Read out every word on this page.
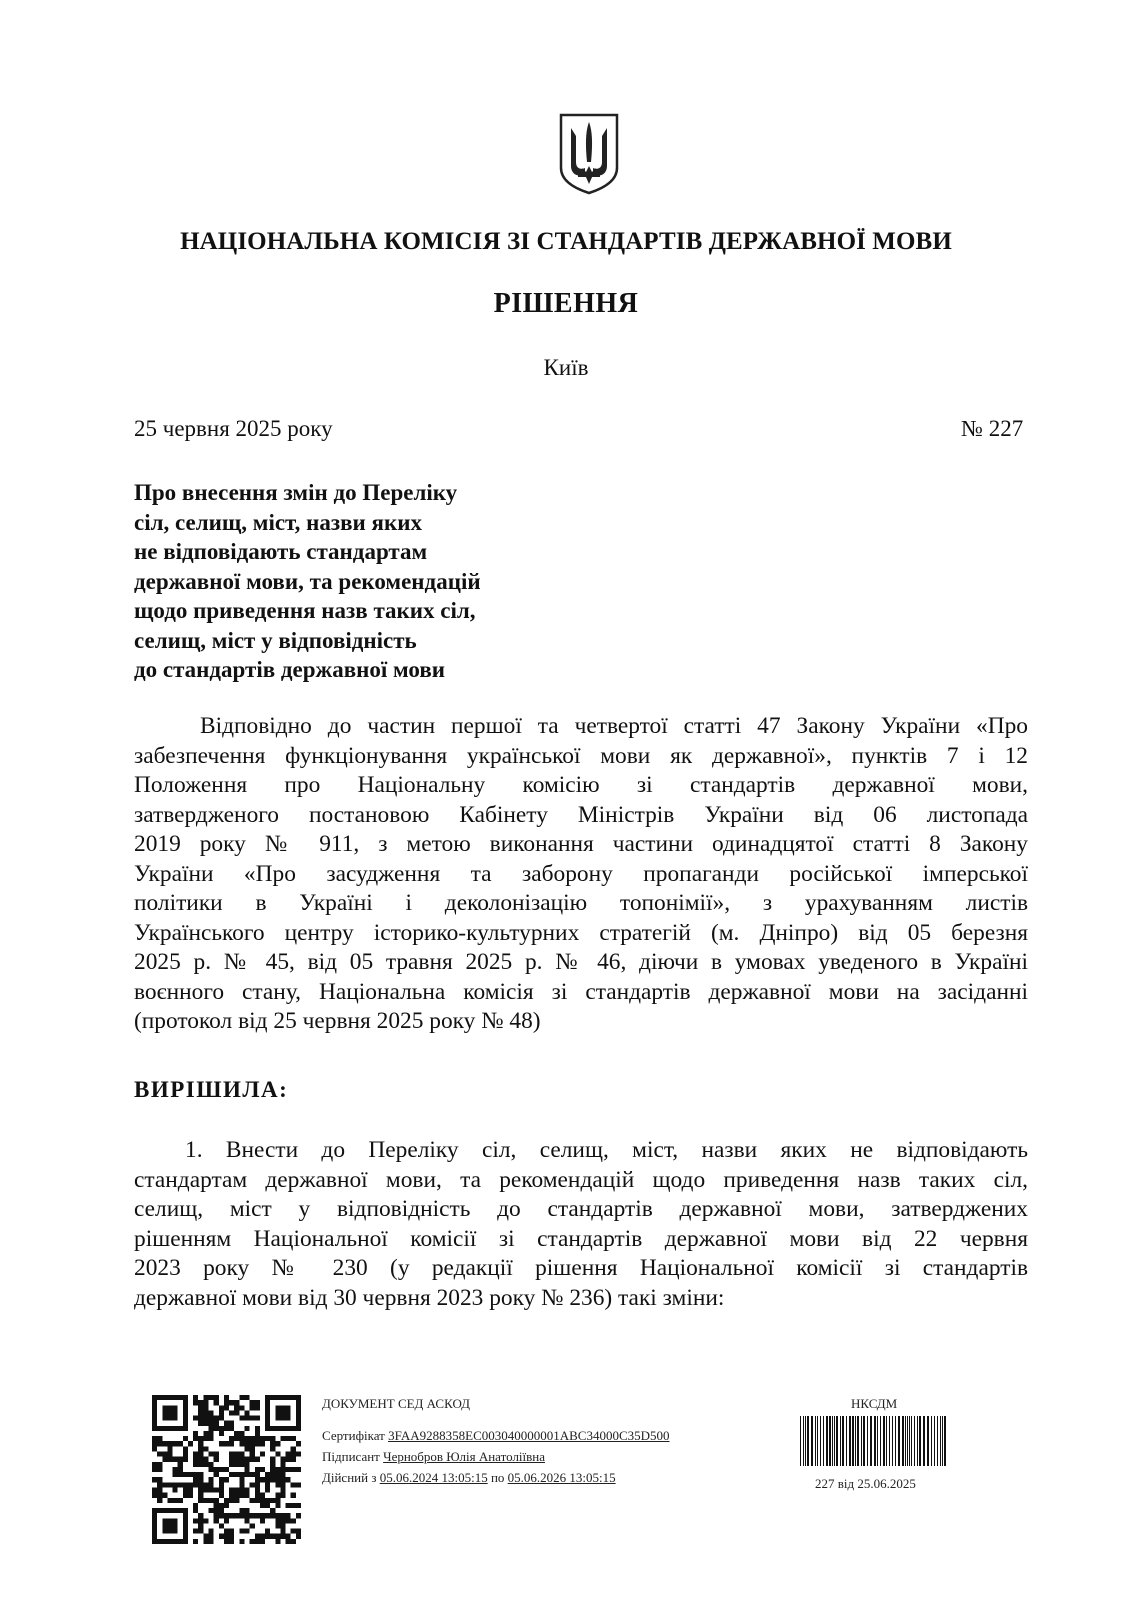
НАЦІОНАЛЬНА КОМІСІЯ ЗІ СТАНДАРТІВ ДЕРЖАВНОЇ МОВИ
РІШЕННЯ
Київ
25 червня 2025 року	№ 227
Про внесення змін до Переліку
сіл, селищ, міст, назви яких
не відповідають стандартам
державної мови, та рекомендацій
щодо приведення назв таких сіл,
селищ, міст у відповідність
до стандартів державної мови
Відповідно до частин першої та четвертої статті 47 Закону України «Про
забезпечення функціонування української мови як державної», пунктів 7 і 12
Положення про Національну комісію зі стандартів державної мови,
затвердженого постановою Кабінету Міністрів України від 06 листопада
2019 року № 911, з метою виконання частини одинадцятої статті 8 Закону
України «Про засудження та заборону пропаганди російської імперської
політики в Україні і деколонізацію топонімії», з урахуванням листів
Українського центру історико-культурних стратегій (м. Дніпро) від 05 березня
2025 р. № 45, від 05 травня 2025 р. № 46, діючи в умовах уведеного в Україні
воєнного стану, Національна комісія зі стандартів державної мови на засіданні
(протокол від 25 червня 2025 року № 48)
ВИРІШИЛА:
1. Внести до Переліку сіл, селищ, міст, назви яких не відповідають
стандартам державної мови, та рекомендацій щодо приведення назв таких сіл,
селищ, міст у відповідність до стандартів державної мови, затверджених
рішенням Національної комісії зі стандартів державної мови від 22 червня
2023 року № 230 (у редакції рішення Національної комісії зі стандартів
державної мови від 30 червня 2023 року № 236) такі зміни:
ДОКУМЕНТ СЕД АСКОД
Сертифікат 3FAA9288358EC003040000001ABC34000C35D500
Підписант Чернобров Юлія Анатоліївна
Дійсний з 05.06.2024 13:05:15 по 05.06.2026 13:05:15
НКСДМ
227 від 25.06.2025
